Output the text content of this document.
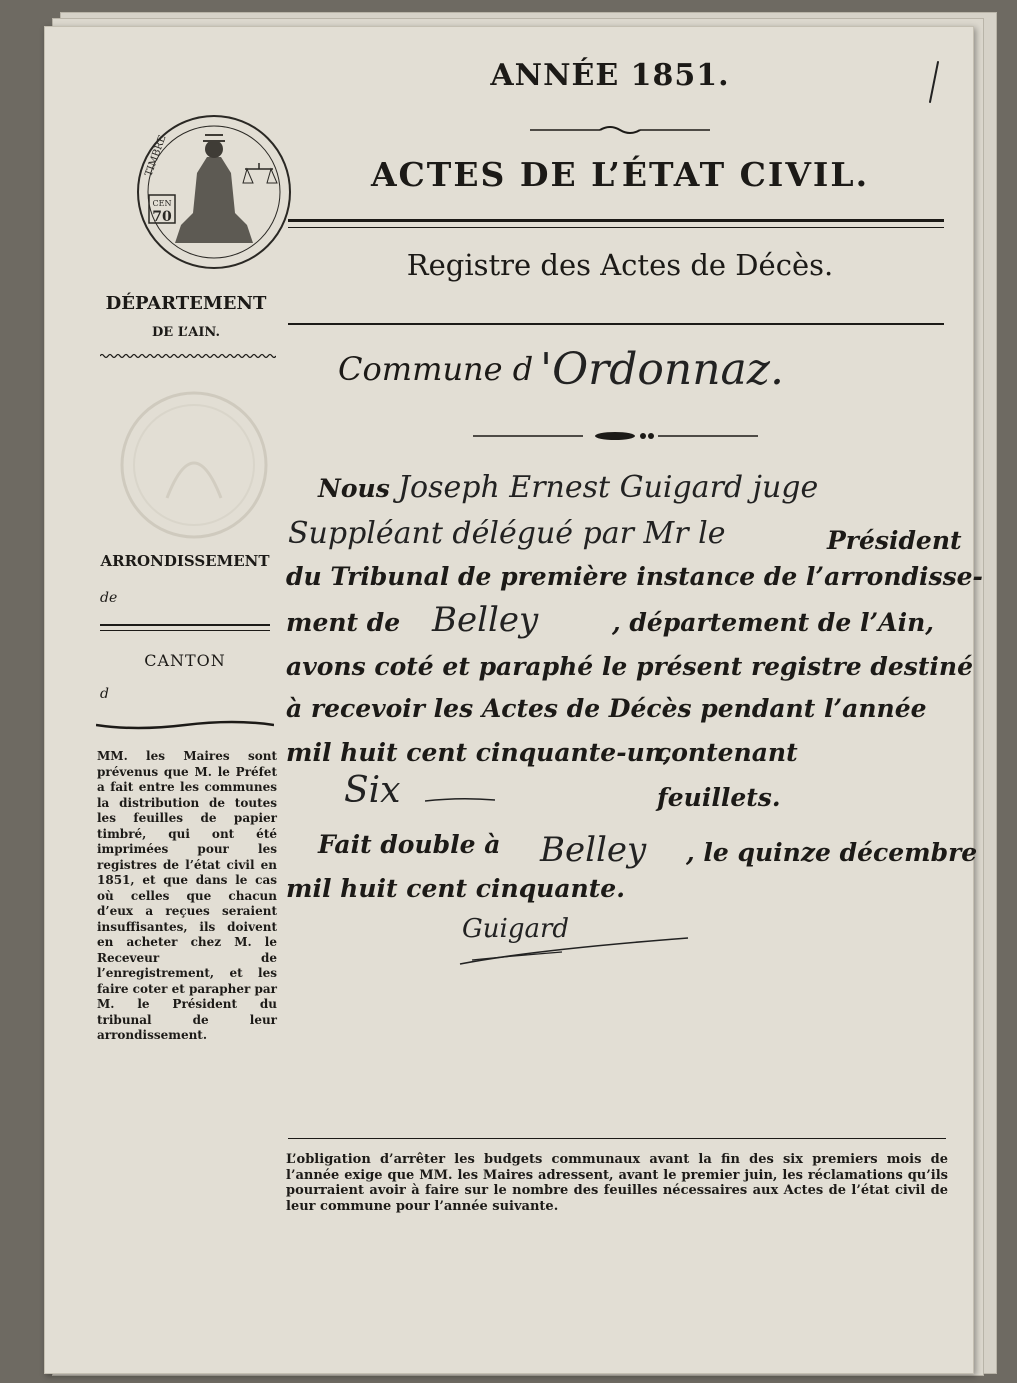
ANNÉE 1851.
ACTES DE L’ÉTAT CIVIL.
Registre des Actes de Décès.
CEN
70
TIMBRE
DÉPARTEMENT
DE L’AIN.
ARRONDISSEMENT
de
CANTON
d
MM. les Maires sont prévenus que M. le Préfet a fait entre les communes la distribution de toutes les feuilles de papier timbré, qui ont été imprimées pour les registres de l’état civil en 1851, et que dans le cas où celles que chacun d’eux a reçues seraient insuffisantes, ils doivent en acheter chez M. le Receveur de l’enregistrement, et les faire coter et parapher par M. le Président du tribunal de leur arrondissement.
Commune d 'Ordonnaz.
Nous Joseph Ernest Guigard juge
Suppléant délégué par Mr le	Président
du Tribunal de première instance de l’arrondisse-
ment de Belley	, département de l’Ain,
avons coté et paraphé le présent registre destiné
à recevoir les Actes de Décès pendant l’année
mil huit cent cinquante-un,
contenant
Six	feuillets.
Fait double à Belley , le quinze décembre
mil huit cent cinquante.
Guigard
L’obligation d’arrêter les budgets communaux avant la fin des six premiers mois de l’année exige que MM. les Maires adressent, avant le premier juin, les réclamations qu’ils pourraient avoir à faire sur le nombre des feuilles nécessaires aux Actes de l’état civil de leur commune pour l’année suivante.
